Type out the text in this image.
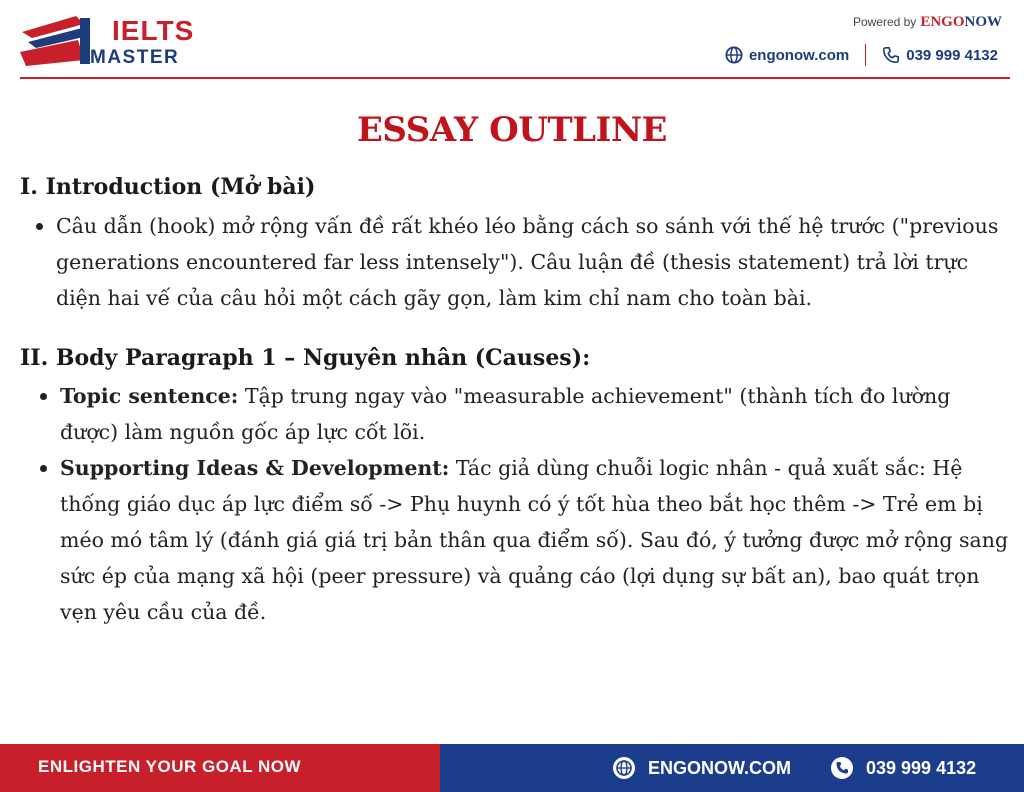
IELTS
MASTER
Powered by ENGONOW
engonow.com	039 999 4132
ESSAY OUTLINE
I. Introduction (Mở bài)
Câu dẫn (hook) mở rộng vấn đề rất khéo léo bằng cách so sánh với thế hệ trước ("previous generations encountered far less intensely"). Câu luận đề (thesis statement) trả lời trực diện hai vế của câu hỏi một cách gãy gọn, làm kim chỉ nam cho toàn bài.
II. Body Paragraph 1 – Nguyên nhân (Causes):
Topic sentence: Tập trung ngay vào "measurable achievement" (thành tích đo lường được) làm nguồn gốc áp lực cốt lõi.
Supporting Ideas & Development: Tác giả dùng chuỗi logic nhân - quả xuất sắc: Hệ thống giáo dục áp lực điểm số -> Phụ huynh có ý tốt hùa theo bắt học thêm -> Trẻ em bị méo mó tâm lý (đánh giá giá trị bản thân qua điểm số). Sau đó, ý tưởng được mở rộng sang sức ép của mạng xã hội (peer pressure) và quảng cáo (lợi dụng sự bất an), bao quát trọn vẹn yêu cầu của đề.
ENLIGHTEN YOUR GOAL NOW	ENGONOW.COM	039 999 4132
